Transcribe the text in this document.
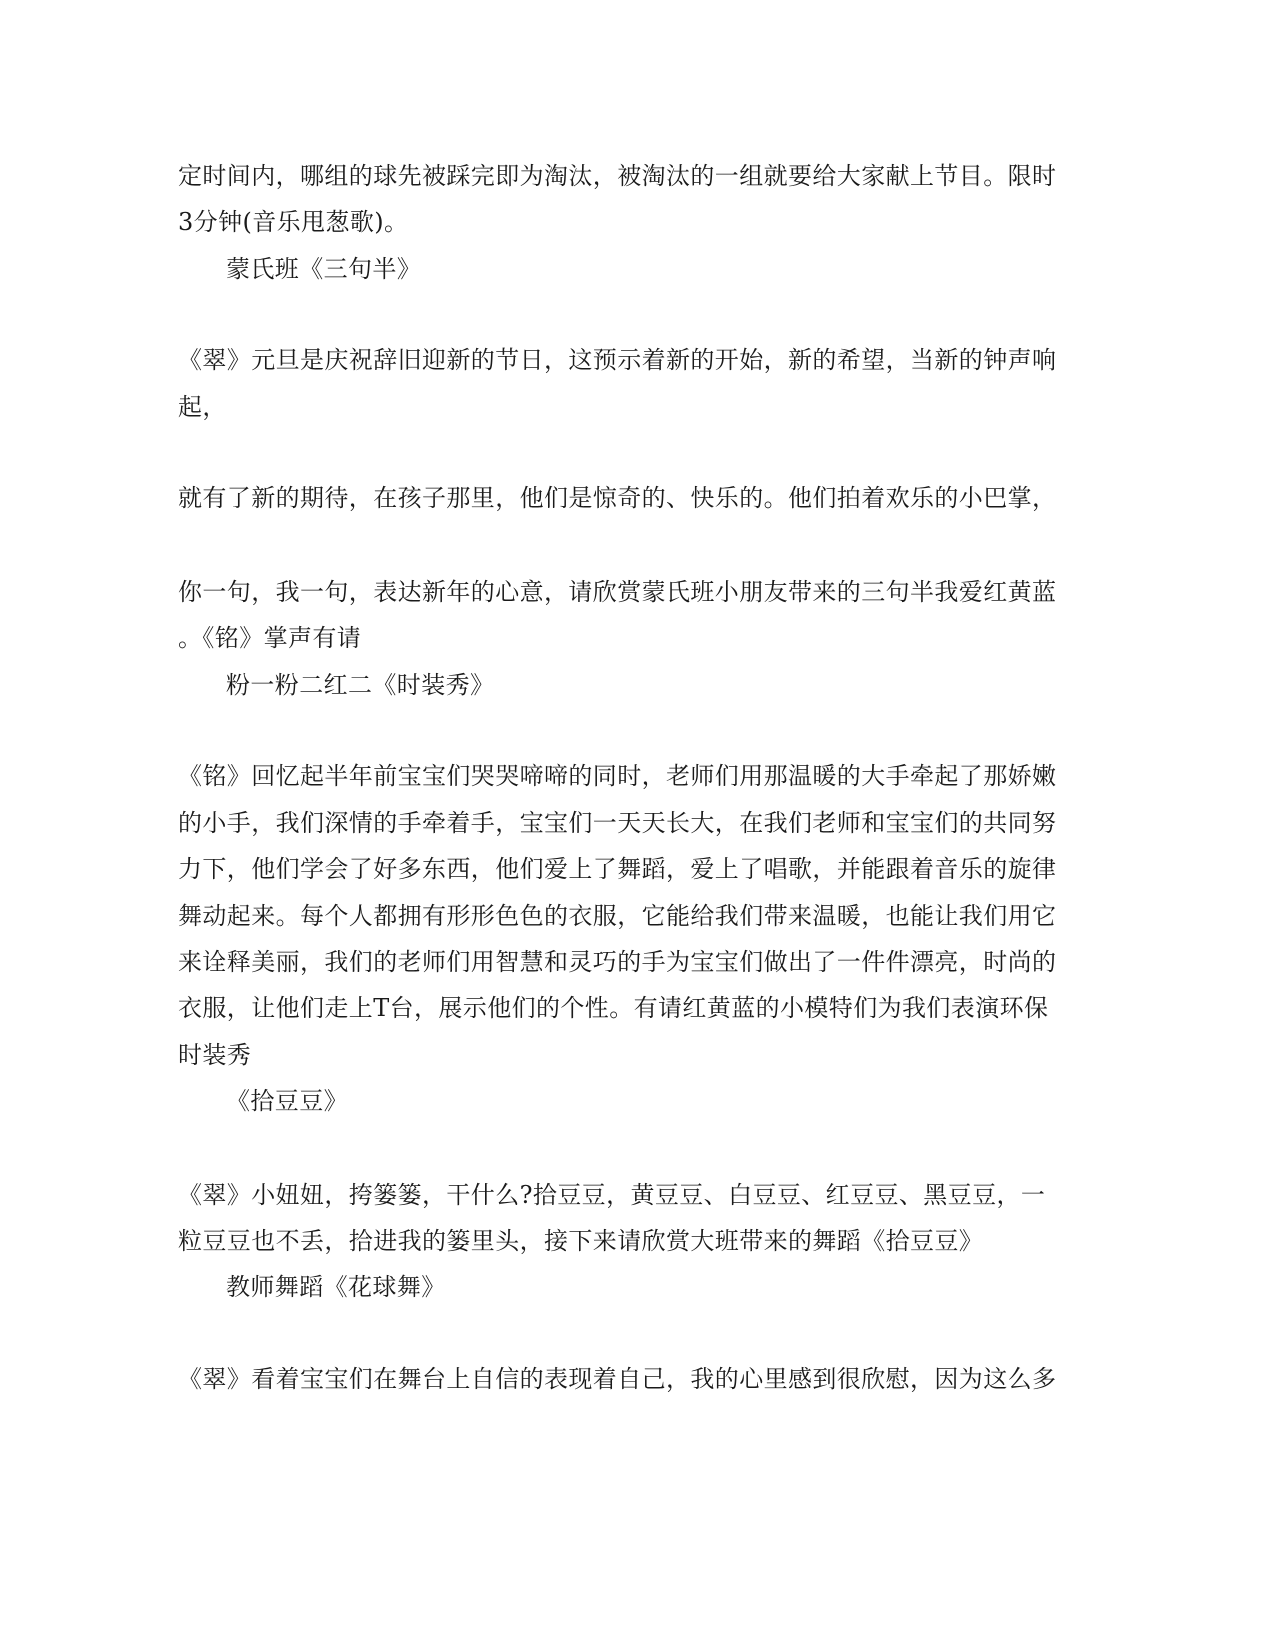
定时间内，哪组的球先被踩完即为淘汰，被淘汰的一组就要给大家献上节目。限时
3分钟(音乐甩葱歌)。
蒙氏班《三句半》
《翠》元旦是庆祝辞旧迎新的节日，这预示着新的开始，新的希望，当新的钟声响
起，
就有了新的期待，在孩子那里，他们是惊奇的、快乐的。他们拍着欢乐的小巴掌，
你一句，我一句，表达新年的心意，请欣赏蒙氏班小朋友带来的三句半我爱红黄蓝
。《铭》掌声有请
粉一粉二红二《时装秀》
《铭》回忆起半年前宝宝们哭哭啼啼的同时，老师们用那温暖的大手牵起了那娇嫩
的小手，我们深情的手牵着手，宝宝们一天天长大，在我们老师和宝宝们的共同努
力下，他们学会了好多东西，他们爱上了舞蹈，爱上了唱歌，并能跟着音乐的旋律
舞动起来。每个人都拥有形形色色的衣服，它能给我们带来温暖，也能让我们用它
来诠释美丽，我们的老师们用智慧和灵巧的手为宝宝们做出了一件件漂亮，时尚的
衣服，让他们走上T台，展示他们的个性。有请红黄蓝的小模特们为我们表演环保
时装秀
《拾豆豆》
《翠》小妞妞，挎篓篓，干什么?拾豆豆，黄豆豆、白豆豆、红豆豆、黑豆豆，一
粒豆豆也不丢，拾进我的篓里头，接下来请欣赏大班带来的舞蹈《拾豆豆》
教师舞蹈《花球舞》
《翠》看着宝宝们在舞台上自信的表现着自己，我的心里感到很欣慰，因为这么多
